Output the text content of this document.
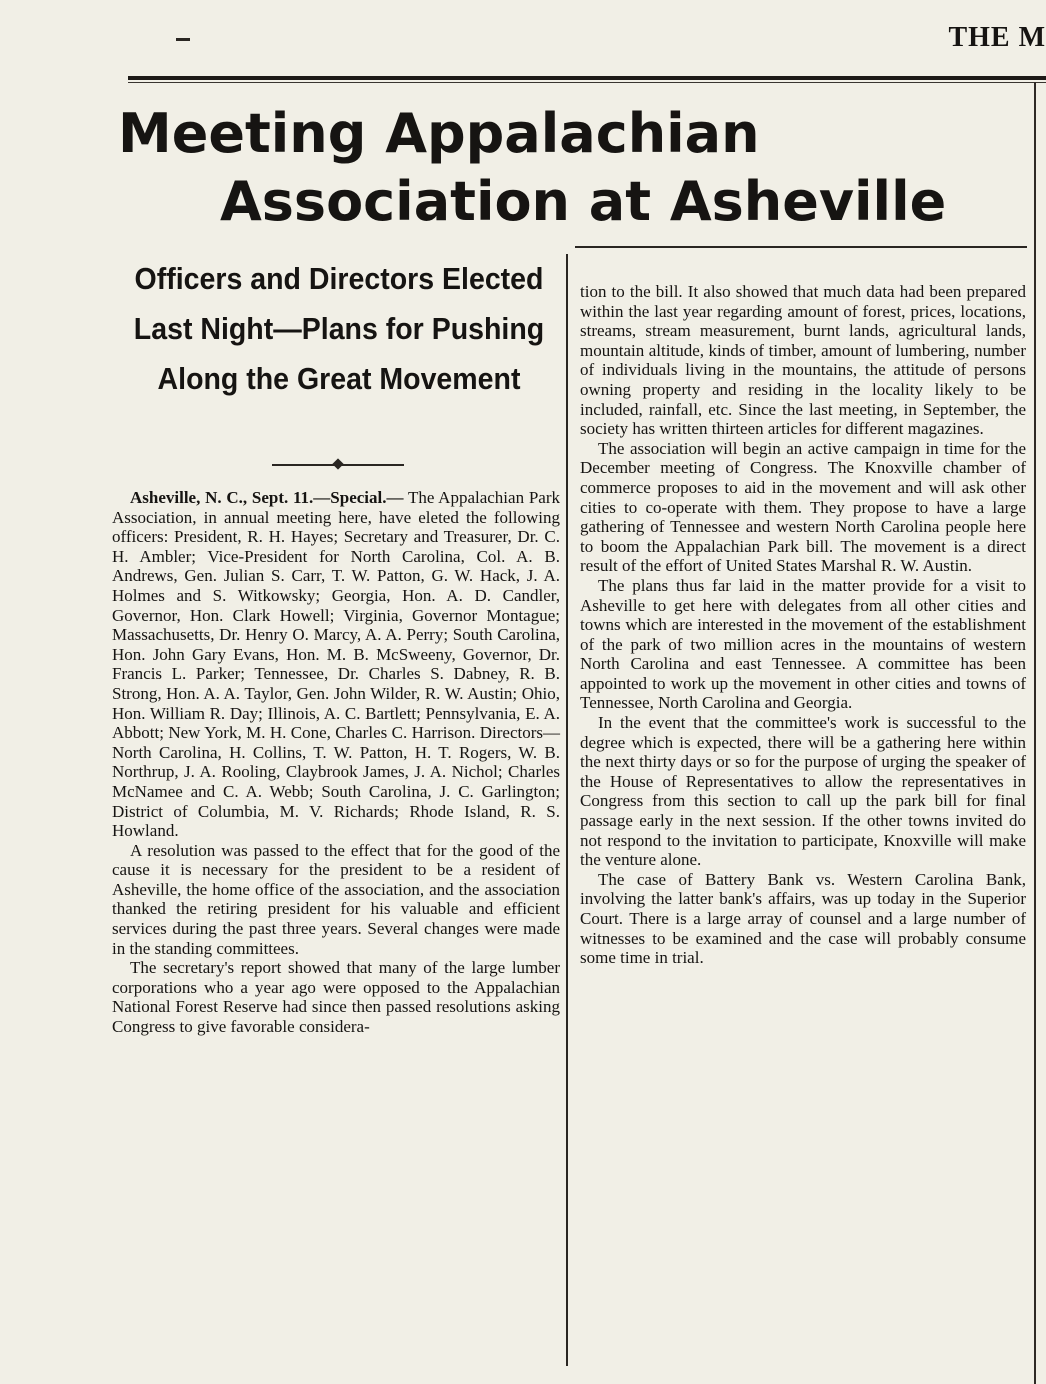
THE M
Meeting Appalachian
Association at Asheville
Officers and Directors Elected Last Night—Plans for Pushing Along the Great Movement

Asheville, N. C., Sept. 11.—Special.— The Appalachian Park Association, in annual meeting here, have eleted the following officers: President, R. H. Hayes; Secretary and Treasurer, Dr. C. H. Ambler; Vice-President for North Carolina, Col. A. B. Andrews, Gen. Julian S. Carr, T. W. Patton, G. W. Hack, J. A. Holmes and S. Witkowsky; Georgia, Hon. A. D. Candler, Governor, Hon. Clark Howell; Virginia, Governor Montague; Massachusetts, Dr. Henry O. Marcy, A. A. Perry; South Carolina, Hon. John Gary Evans, Hon. M. B. McSweeny, Governor, Dr. Francis L. Parker; Tennessee, Dr. Charles S. Dabney, R. B. Strong, Hon. A. A. Taylor, Gen. John Wilder, R. W. Austin; Ohio, Hon. William R. Day; Illinois, A. C. Bartlett; Pennsylvania, E. A. Abbott; New York, M. H. Cone, Charles C. Harrison. Directors—North Carolina, H. Collins, T. W. Patton, H. T. Rogers, W. B. Northrup, J. A. Rooling, Claybrook James, J. A. Nichol; Charles McNamee and C. A. Webb; South Carolina, J. C. Garlington; District of Columbia, M. V. Richards; Rhode Island, R. S. Howland.

A resolution was passed to the effect that for the good of the cause it is necessary for the president to be a resident of Asheville, the home office of the association, and the association thanked the retiring president for his valuable and efficient services during the past three years. Several changes were made in the standing committees.

The secretary's report showed that many of the large lumber corporations who a year ago were opposed to the Appalachian National Forest Reserve had since then passed resolutions asking Congress to give favorable considera-

tion to the bill. It also showed that much data had been prepared within the last year regarding amount of forest, prices, locations, streams, stream measurement, burnt lands, agricultural lands, mountain altitude, kinds of timber, amount of lumbering, number of individuals living in the mountains, the attitude of persons owning property and residing in the locality likely to be included, rainfall, etc. Since the last meeting, in September, the society has written thirteen articles for different magazines.

The association will begin an active campaign in time for the December meeting of Congress. The Knoxville chamber of commerce proposes to aid in the movement and will ask other cities to co-operate with them. They propose to have a large gathering of Tennessee and western North Carolina people here to boom the Appalachian Park bill. The movement is a direct result of the effort of United States Marshal R. W. Austin.

The plans thus far laid in the matter provide for a visit to Asheville to get here with delegates from all other cities and towns which are interested in the movement of the establishment of the park of two million acres in the mountains of western North Carolina and east Tennessee. A committee has been appointed to work up the movement in other cities and towns of Tennessee, North Carolina and Georgia.

In the event that the committee's work is successful to the degree which is expected, there will be a gathering here within the next thirty days or so for the purpose of urging the speaker of the House of Representatives to allow the representatives in Congress from this section to call up the park bill for final passage early in the next session. If the other towns invited do not respond to the invitation to participate, Knoxville will make the venture alone.

The case of Battery Bank vs. Western Carolina Bank, involving the latter bank's affairs, was up today in the Superior Court. There is a large array of counsel and a large number of witnesses to be examined and the case will probably consume some time in trial.
